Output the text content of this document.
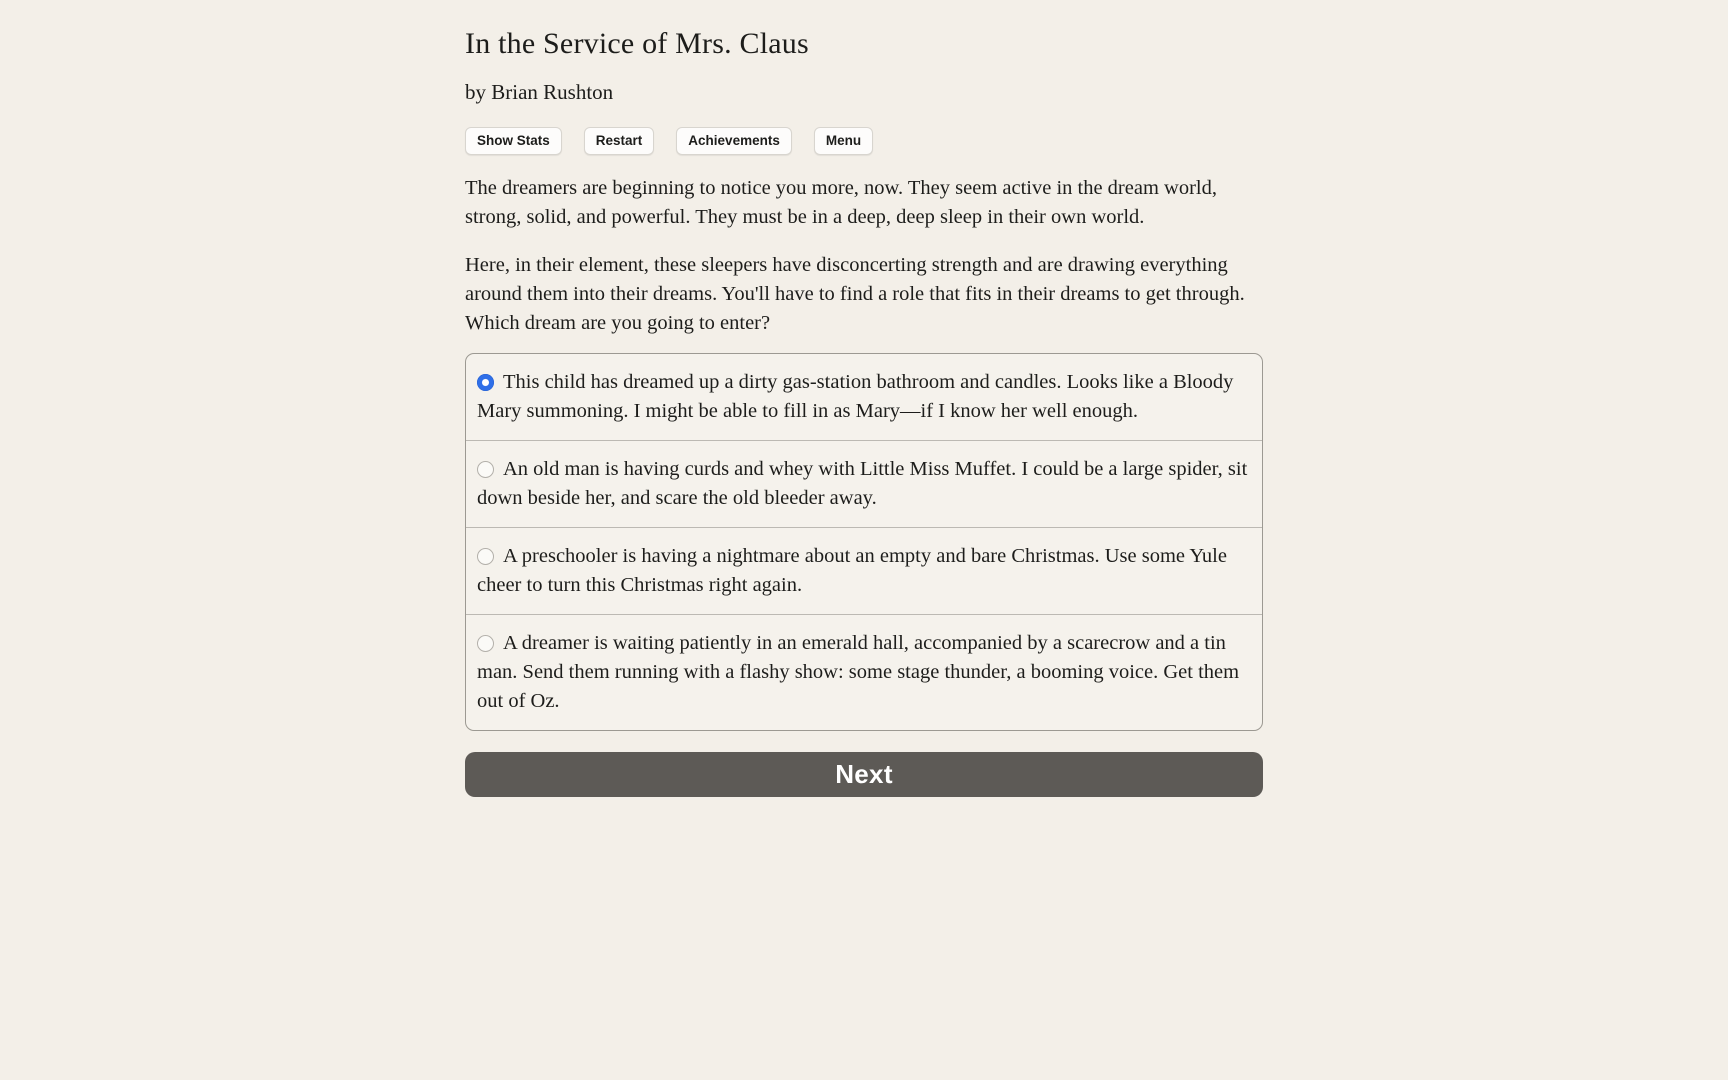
In the Service of Mrs. Claus
by Brian Rushton
Show Stats	Restart	Achievements	Menu

The dreamers are beginning to notice you more, now. They seem active in the dream world, strong, solid, and powerful. They must be in a deep, deep sleep in their own world.

Here, in their element, these sleepers have disconcerting strength and are drawing everything around them into their dreams. You'll have to find a role that fits in their dreams to get through. Which dream are you going to enter?

This child has dreamed up a dirty gas-station bathroom and candles. Looks like a Bloody Mary summoning. I might be able to fill in as Mary—if I know her well enough.
An old man is having curds and whey with Little Miss Muffet. I could be a large spider, sit down beside her, and scare the old bleeder away.
A preschooler is having a nightmare about an empty and bare Christmas. Use some Yule cheer to turn this Christmas right again.
A dreamer is waiting patiently in an emerald hall, accompanied by a scarecrow and a tin man. Send them running with a flashy show: some stage thunder, a booming voice. Get them out of Oz.
Next
